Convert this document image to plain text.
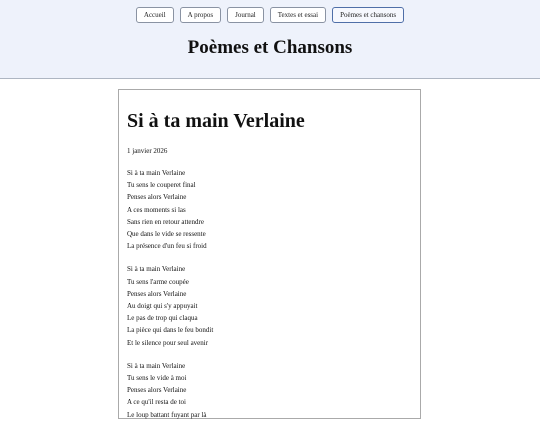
Accueil	A propos	Journal	Textes et essai	Poèmes et chansons
Poèmes et Chansons
Si à ta main Verlaine
1 janvier 2026
Si à ta main Verlaine
Tu sens le couperet final
Penses alors Verlaine
A ces moments si las
Sans rien en retour attendre
Que dans le vide se ressente
La présence d'un feu si froid
Si à ta main Verlaine
Tu sens l'arme coupée
Penses alors Verlaine
Au doigt qui s'y appuyait
Le pas de trop qui claqua
La pièce qui dans le feu bondit
Et le silence pour seul avenir
Si à ta main Verlaine
Tu sens le vide à moi
Penses alors Verlaine
A ce qu'il resta de toi
Le loup battant fuyant par là
